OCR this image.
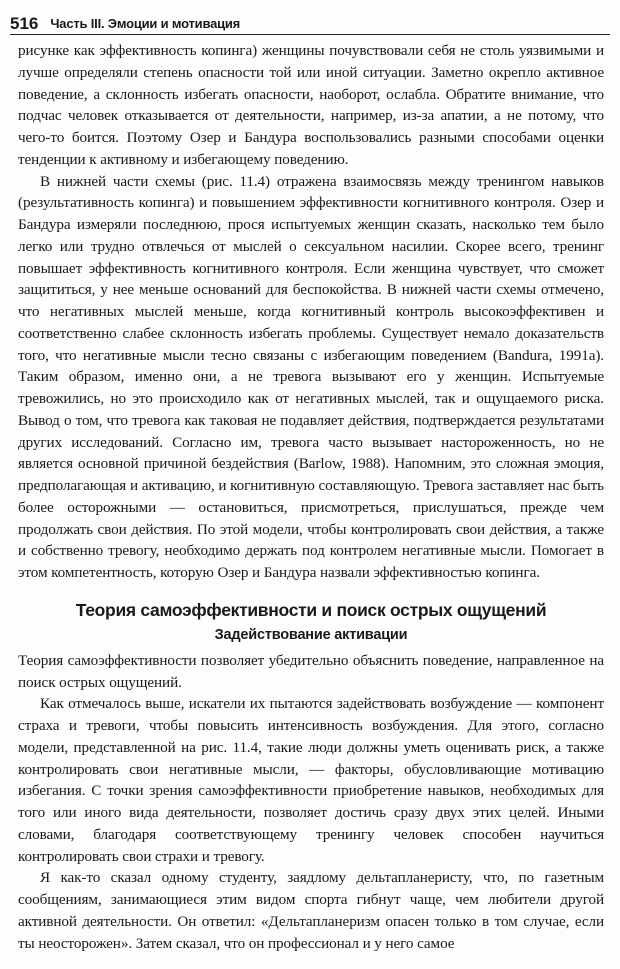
516 Часть III. Эмоции и мотивация

рисунке как эффективность копинга) женщины почувствовали себя не столь уязвимыми и лучше определяли степень опасности той или иной ситуации. Заметно окрепло активное поведение, а склонность избегать опасности, наоборот, ослабла. Обратите внимание, что подчас человек отказывается от деятельности, например, из-за апатии, а не потому, что чего-то боится. Поэтому Озер и Бандура воспользовались разными способами оценки тенденции к активному и избегающему поведению.

В нижней части схемы (рис. 11.4) отражена взаимосвязь между тренингом навыков (результативность копинга) и повышением эффективности когнитивного контроля. Озер и Бандура измеряли последнюю, прося испытуемых женщин сказать, насколько тем было легко или трудно отвлечься от мыслей о сексуальном насилии. Скорее всего, тренинг повышает эффективность когнитивного контроля. Если женщина чувствует, что сможет защититься, у нее меньше оснований для беспокойства. В нижней части схемы отмечено, что негативных мыслей меньше, когда когнитивный контроль высокоэффективен и соответственно слабее склонность избегать проблемы. Существует немало доказательств того, что негативные мысли тесно связаны с избегающим поведением (Bandura, 1991a). Таким образом, именно они, а не тревога вызывают его у женщин. Испытуемые тревожились, но это происходило как от негативных мыслей, так и ощущаемого риска. Вывод о том, что тревога как таковая не подавляет действия, подтверждается результатами других исследований. Согласно им, тревога часто вызывает настороженность, но не является основной причиной бездействия (Barlow, 1988). Напомним, это сложная эмоция, предполагающая и активацию, и когнитивную составляющую. Тревога заставляет нас быть более осторожными — остановиться, присмотреться, прислушаться, прежде чем продолжать свои действия. По этой модели, чтобы контролировать свои действия, а также и собственно тревогу, необходимо держать под контролем негативные мысли. Помогает в этом компетентность, которую Озер и Бандура назвали эффективностью копинга.

Теория самоэффективности и поиск острых ощущений
Задействование активации

Теория самоэффективности позволяет убедительно объяснить поведение, направленное на поиск острых ощущений.

Как отмечалось выше, искатели их пытаются задействовать возбуждение — компонент страха и тревоги, чтобы повысить интенсивность возбуждения. Для этого, согласно модели, представленной на рис. 11.4, такие люди должны уметь оценивать риск, а также контролировать свои негативные мысли, — факторы, обусловливающие мотивацию избегания. С точки зрения самоэффективности приобретение навыков, необходимых для того или иного вида деятельности, позволяет достичь сразу двух этих целей. Иными словами, благодаря соответствующему тренингу человек способен научиться контролировать свои страхи и тревогу.

Я как-то сказал одному студенту, заядлому дельтапланеристу, что, по газетным сообщениям, занимающиеся этим видом спорта гибнут чаще, чем любители другой активной деятельности. Он ответил: «Дельтапланеризм опасен только в том случае, если ты неосторожен». Затем сказал, что он профессионал и у него самое
